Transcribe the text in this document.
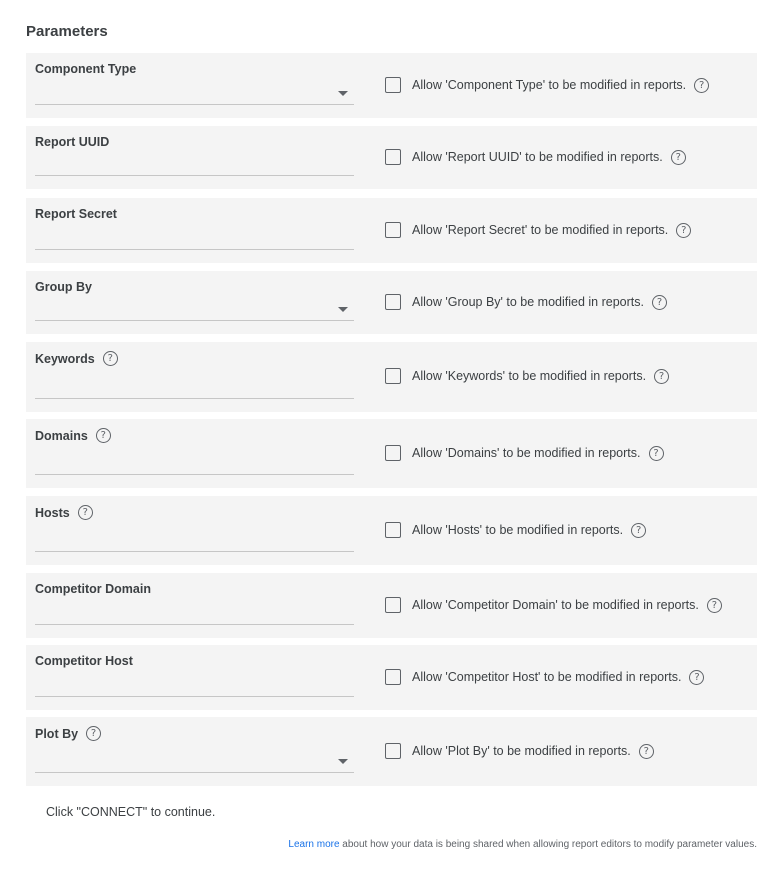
Parameters
Component Type
Allow 'Component Type' to be modified in reports.	?
Report UUID
Allow 'Report UUID' to be modified in reports.	?
Report Secret
Allow 'Report Secret' to be modified in reports.	?
Group By
Allow 'Group By' to be modified in reports.	?
Keywords	?
Allow 'Keywords' to be modified in reports.	?
Domains	?
Allow 'Domains' to be modified in reports.	?
Hosts	?
Allow 'Hosts' to be modified in reports.	?
Competitor Domain
Allow 'Competitor Domain' to be modified in reports.	?
Competitor Host
Allow 'Competitor Host' to be modified in reports.	?
Plot By	?
Allow 'Plot By' to be modified in reports.	?
Click "CONNECT" to continue.
Learn more about how your data is being shared when allowing report editors to modify parameter values.
